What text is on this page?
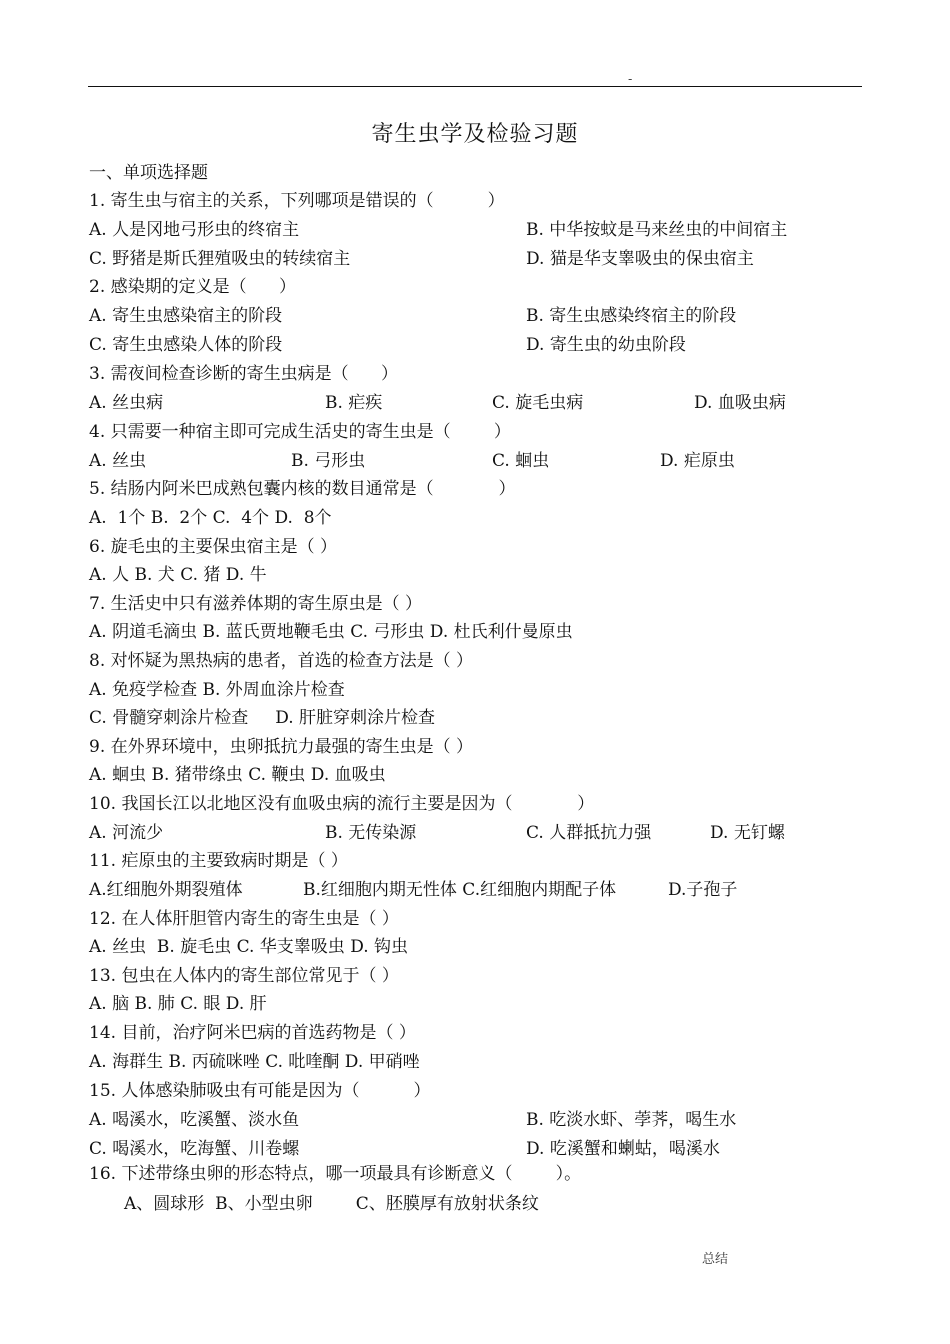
-
寄生虫学及检验习题
一、单项选择题
1. 寄生虫与宿主的关系，下列哪项是错误的（          ）
A. 人是冈地弓形虫的终宿主	B. 中华按蚊是马来丝虫的中间宿主
C. 野猪是斯氏狸殖吸虫的转续宿主	D. 猫是华支睾吸虫的保虫宿主
2. 感染期的定义是（      ）
A. 寄生虫感染宿主的阶段	B. 寄生虫感染终宿主的阶段
C. 寄生虫感染人体的阶段	D. 寄生虫的幼虫阶段
3. 需夜间检查诊断的寄生虫病是（      ）
A. 丝虫病	B. 疟疾	C. 旋毛虫病	D. 血吸虫病
4. 只需要一种宿主即可完成生活史的寄生虫是（        ）
A. 丝虫	B. 弓形虫	C. 蛔虫	D. 疟原虫
5. 结肠内阿米巴成熟包囊内核的数目通常是（            ）
A.  1个 B.  2个 C.  4个 D.  8个
6. 旋毛虫的主要保虫宿主是（ ）
A. 人 B. 犬 C. 猪 D. 牛
7. 生活史中只有滋养体期的寄生原虫是（ ）
A. 阴道毛滴虫 B. 蓝氏贾地鞭毛虫 C. 弓形虫 D. 杜氏利什曼原虫
8. 对怀疑为黑热病的患者，首选的检查方法是（ ）
A. 免疫学检查 B. 外周血涂片检查
C. 骨髓穿刺涂片检查     D. 肝脏穿刺涂片检查
9. 在外界环境中，虫卵抵抗力最强的寄生虫是（ ）
A. 蛔虫 B. 猪带绦虫 C. 鞭虫 D. 血吸虫
10. 我国长江以北地区没有血吸虫病的流行主要是因为（            ）
A. 河流少	B. 无传染源	C. 人群抵抗力强	D. 无钉螺
11. 疟原虫的主要致病时期是（ ）
A.红细胞外期裂殖体	B.红细胞内期无性体 C.红细胞内期配子体	D.子孢子
12. 在人体肝胆管内寄生的寄生虫是（ ）
A. 丝虫  B. 旋毛虫 C. 华支睾吸虫 D. 钩虫
13. 包虫在人体内的寄生部位常见于（ ）
A. 脑 B. 肺 C. 眼 D. 肝
14. 目前，治疗阿米巴病的首选药物是（ ）
A. 海群生 B. 丙硫咪唑 C. 吡喹酮 D. 甲硝唑
15. 人体感染肺吸虫有可能是因为（          ）
A. 喝溪水，吃溪蟹、淡水鱼	B. 吃淡水虾、荸荠，喝生水
C. 喝溪水，吃海蟹、川卷螺	D. 吃溪蟹和蝲蛄，喝溪水
16. 下述带绦虫卵的形态特点，哪一项最具有诊断意义（        ）。
A、圆球形  B、小型虫卵        C、胚膜厚有放射状条纹
总结
